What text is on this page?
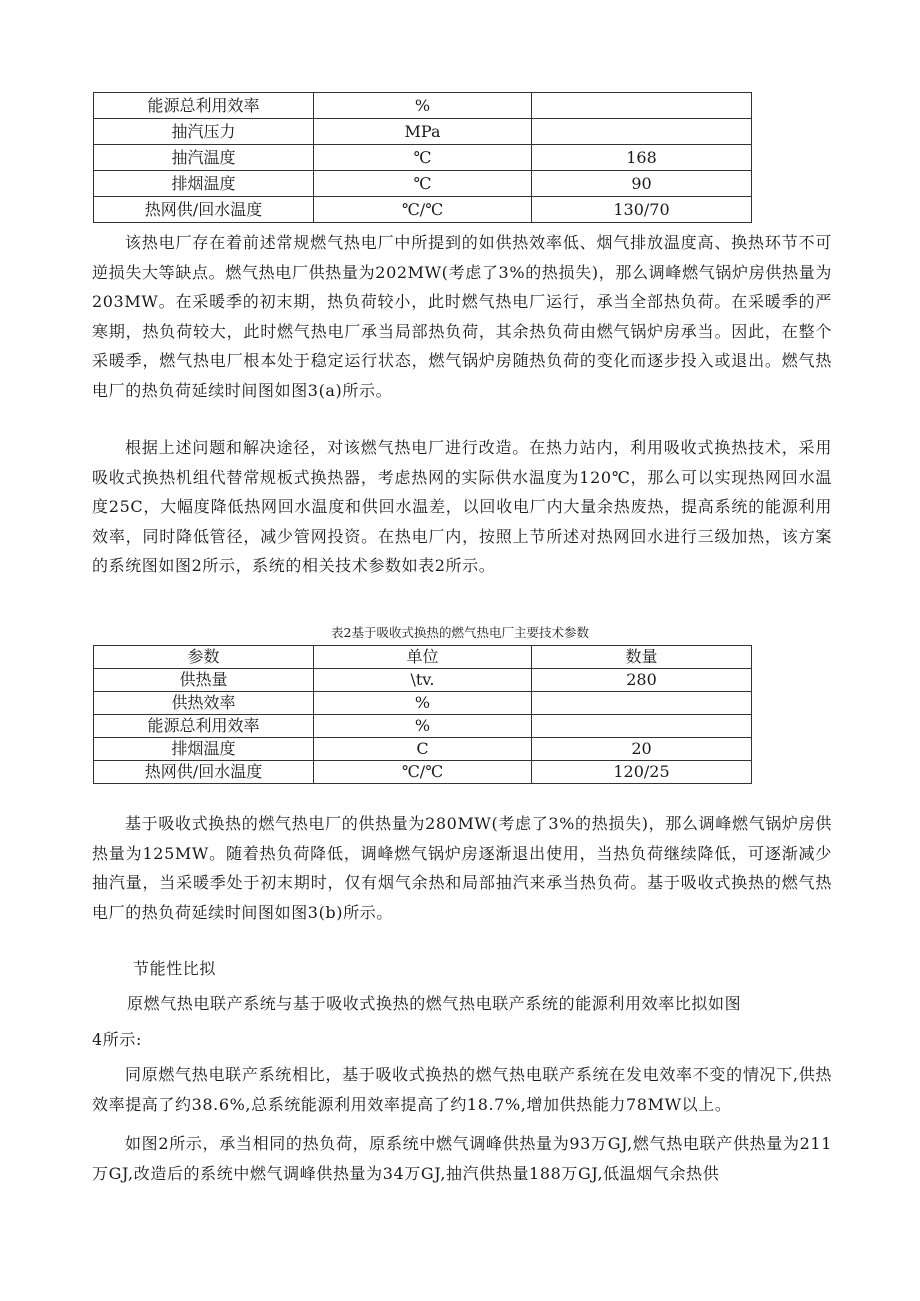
能源总利用效率	%	
抽汽压力	MPa	
抽汽温度	℃	168
排烟温度	℃	90
热网供/回水温度	℃/℃	130/70

该热电厂存在着前述常规燃气热电厂中所提到的如供热效率低、烟气排放温度高、换热环节不可逆损失大等缺点。燃气热电厂供热量为202MW(考虑了3%的热损失)，那么调峰燃气锅炉房供热量为203MW。在采暖季的初末期，热负荷较小，此时燃气热电厂运行，承当全部热负荷。在采暖季的严寒期，热负荷较大，此时燃气热电厂承当局部热负荷，其余热负荷由燃气锅炉房承当。因此，在整个采暖季，燃气热电厂根本处于稳定运行状态，燃气锅炉房随热负荷的变化而逐步投入或退出。燃气热电厂的热负荷延续时间图如图3(a)所示。

根据上述问题和解决途径，对该燃气热电厂进行改造。在热力站内，利用吸收式换热技术，采用吸收式换热机组代替常规板式换热器，考虑热网的实际供水温度为120℃，那么可以实现热网回水温度25C，大幅度降低热网回水温度和供回水温差，以回收电厂内大量余热废热，提高系统的能源利用效率，同时降低管径，减少管网投资。在热电厂内，按照上节所述对热网回水进行三级加热，该方案的系统图如图2所示，系统的相关技术参数如表2所示。

表2基于吸收式换热的燃气热电厂主要技术参数

参数	单位	数量
供热量	\tv.	280
供热效率	%	
能源总利用效率	%	
排烟温度	C	20
热网供/回水温度	℃/℃	120/25

基于吸收式换热的燃气热电厂的供热量为280MW(考虑了3%的热损失)，那么调峰燃气锅炉房供热量为125MW。随着热负荷降低，调峰燃气锅炉房逐渐退出使用，当热负荷继续降低，可逐渐减少抽汽量，当采暖季处于初末期时，仅有烟气余热和局部抽汽来承当热负荷。基于吸收式换热的燃气热电厂的热负荷延续时间图如图3(b)所示。

节能性比拟

原燃气热电联产系统与基于吸收式换热的燃气热电联产系统的能源利用效率比拟如图

4所示:

同原燃气热电联产系统相比，基于吸收式换热的燃气热电联产系统在发电效率不变的情况下,供热效率提高了约38.6%,总系统能源利用效率提高了约18.7%,增加供热能力78MW以上。

如图2所示，承当相同的热负荷，原系统中燃气调峰供热量为93万GJ,燃气热电联产供热量为211万GJ,改造后的系统中燃气调峰供热量为34万GJ,抽汽供热量188万GJ,低温烟气余热供
